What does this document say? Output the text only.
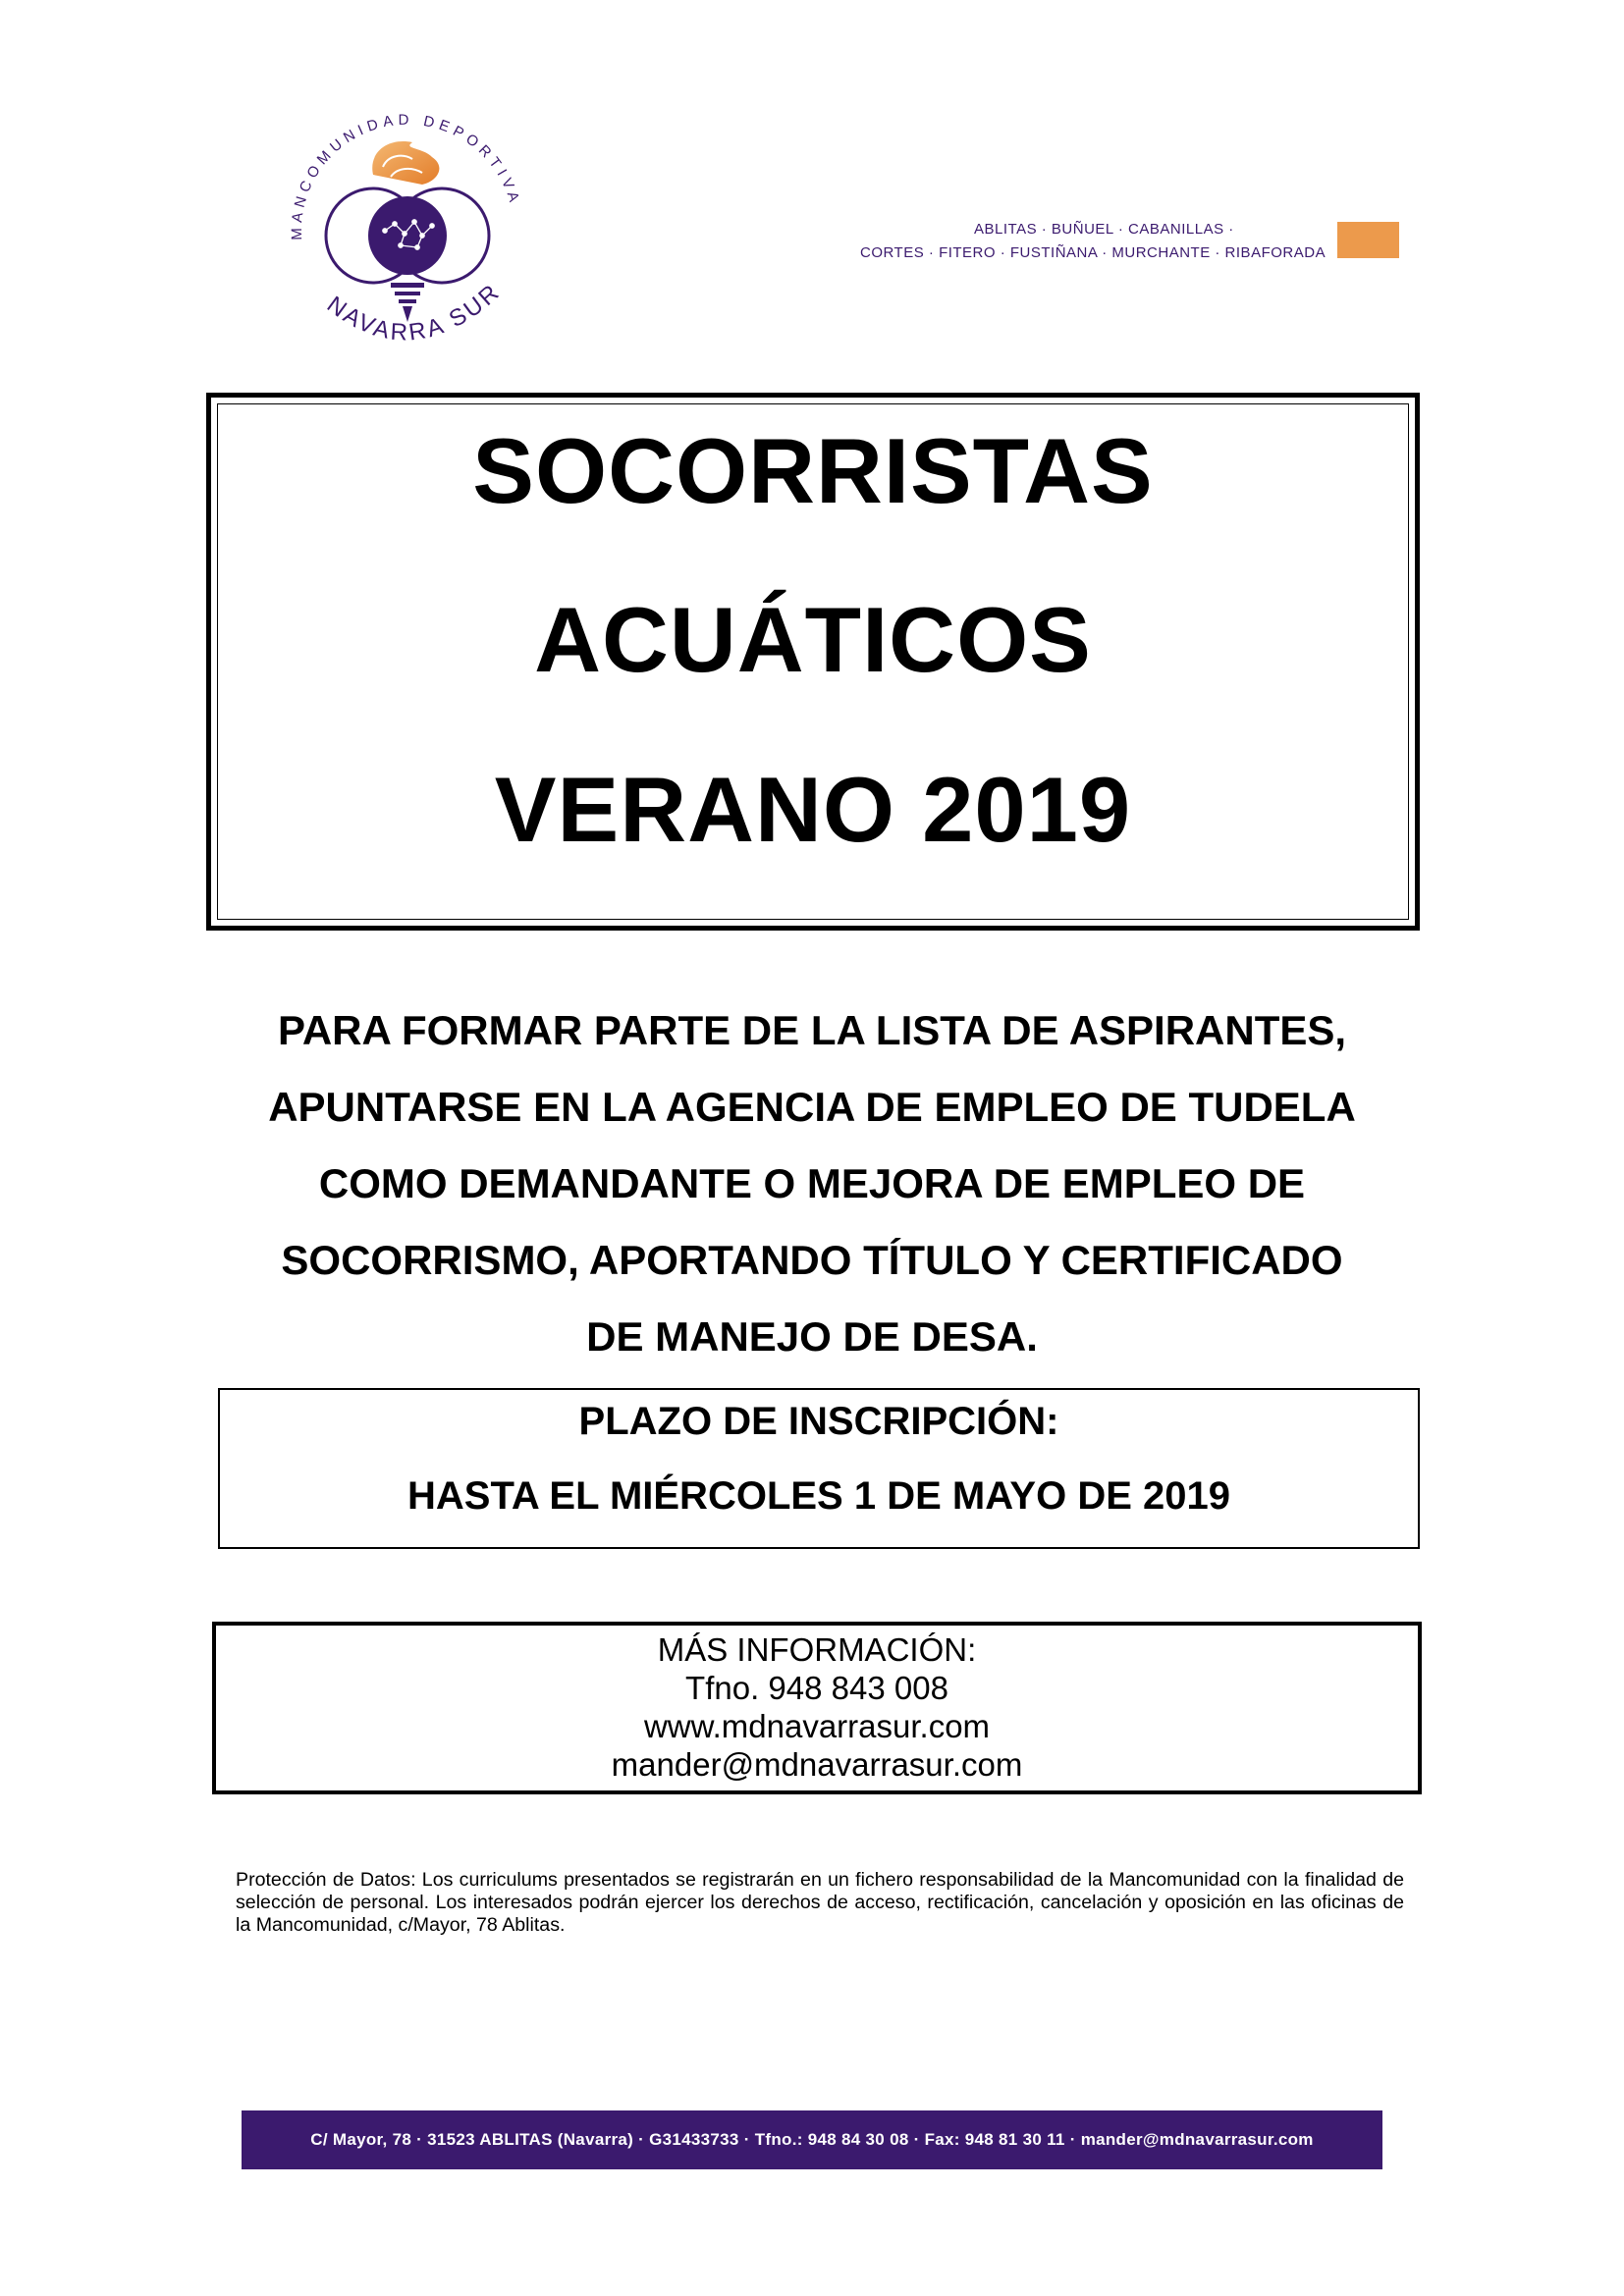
MANCOMUNIDAD DEPORTIVA
NAVARRA SUR
ABLITAS · BUÑUEL · CABANILLAS ·
CORTES · FITERO · FUSTIÑANA · MURCHANTE · RIBAFORADA
SOCORRISTAS
ACUÁTICOS
VERANO 2019
PARA FORMAR PARTE DE LA LISTA DE ASPIRANTES,
APUNTARSE EN LA AGENCIA DE EMPLEO DE TUDELA
COMO DEMANDANTE O MEJORA DE EMPLEO DE
SOCORRISMO, APORTANDO TÍTULO Y CERTIFICADO
DE MANEJO DE DESA.
PLAZO DE INSCRIPCIÓN:
HASTA EL MIÉRCOLES 1 DE MAYO DE 2019
MÁS INFORMACIÓN:
Tfno. 948 843 008
www.mdnavarrasur.com
mander@mdnavarrasur.com
Protección de Datos: Los curriculums presentados se registrarán en un fichero responsabilidad de la Mancomunidad con la finalidad de selección de personal. Los interesados podrán ejercer los derechos de acceso, rectificación, cancelación y oposición en las oficinas de la Mancomunidad, c/Mayor, 78 Ablitas.
C/ Mayor, 78 · 31523 ABLITAS (Navarra) · G31433733 · Tfno.: 948 84 30 08 · Fax: 948 81 30 11 · mander@mdnavarrasur.com
